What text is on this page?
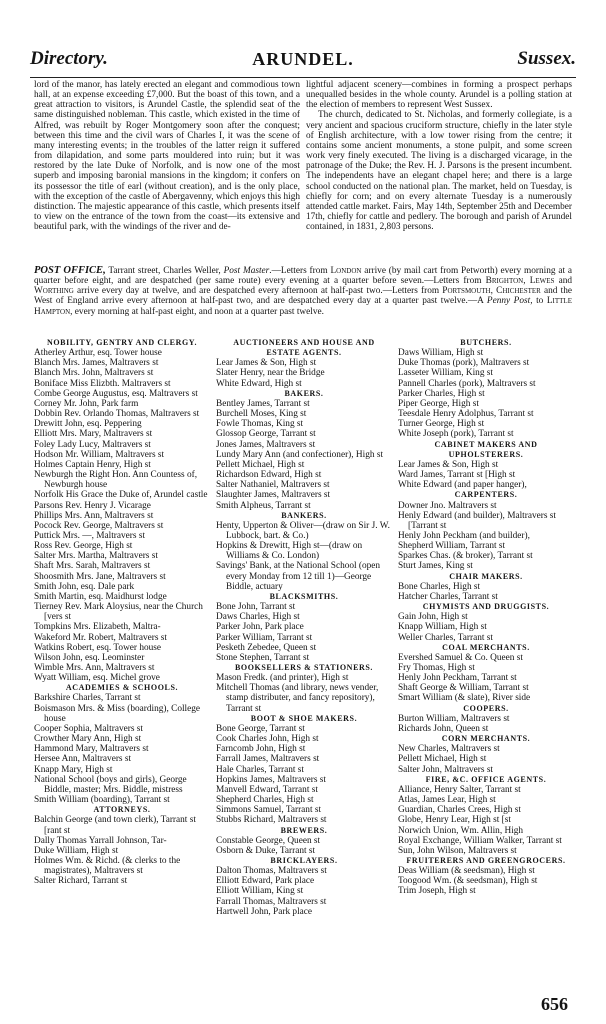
Directory.	ARUNDEL.	Sussex.

lord of the manor, has lately erected an elegant and commodious town hall, at an expense exceeding £7,000. But the boast of this town, and a great attraction to visitors, is Arundel Castle, the splendid seat of the same distinguished nobleman. This castle, which existed in the time of Alfred, was rebuilt by Roger Montgomery soon after the conquest; between this time and the civil wars of Charles I, it was the scene of many interesting events; in the troubles of the latter reign it suffered from dilapidation, and some parts mouldered into ruin; but it was restored by the late Duke of Norfolk, and is now one of the most superb and imposing baronial mansions in the kingdom; it confers on its possessor the title of earl (without creation), and is the only place, with the exception of the castle of Abergavenny, which enjoys this high distinction. The majestic appearance of this castle, which presents itself to view on the entrance of the town from the coast—its extensive and beautiful park, with the windings of the river and de-

lightful adjacent scenery—combines in forming a prospect perhaps unequalled besides in the whole county. Arundel is a polling station at the election of members to represent West Sussex.

The church, dedicated to St. Nicholas, and formerly collegiate, is a very ancient and spacious cruciform structure, chiefly in the later style of English architecture, with a low tower rising from the centre; it contains some ancient monuments, a stone pulpit, and some screen work very finely executed. The living is a discharged vicarage, in the patronage of the Duke; the Rev. H. J. Parsons is the present incumbent. The independents have an elegant chapel here; and there is a large school conducted on the national plan. The market, held on Tuesday, is chiefly for corn; and on every alternate Tuesday is a numerously attended cattle market. Fairs, May 14th, September 25th and December 17th, chiefly for cattle and pedlery. The borough and parish of Arundel contained, in 1831, 2,803 persons.

POST OFFICE, Tarrant street, Charles Weller, Post Master.—Letters from London arrive (by mail cart from Petworth) every morning at a quarter before eight, and are despatched (per same route) every evening at a quarter before seven.—Letters from Brighton, Lewes and Worthing arrive every day at twelve, and are despatched every afternoon at half-past two.—Letters from Portsmouth, Chichester and the West of England arrive every afternoon at half-past two, and are despatched every day at a quarter past twelve.—A Penny Post, to Little Hampton, every morning at half-past eight, and noon at a quarter past twelve.
NOBILITY, GENTRY AND CLERGY.
Atherley Arthur, esq. Tower house
Blanch Mrs. James, Maltravers st
Blanch Mrs. John, Maltravers st
Boniface Miss Elizbth. Maltravers st
Combe George Augustus, esq. Maltravers st
Corney Mr. John, Park farm
Dobbin Rev. Orlando Thomas, Maltravers st
Drewitt John, esq. Peppering
Elliott Mrs. Mary, Maltravers st
Foley Lady Lucy, Maltravers st
Hodson Mr. William, Maltravers st
Holmes Captain Henry, High st
Newburgh the Right Hon. Ann Countess of, Newburgh house
Norfolk His Grace the Duke of, Arundel castle
Parsons Rev. Henry J. Vicarage
Phillips Mrs. Ann, Maltravers st
Pocock Rev. George, Maltravers st
Puttick Mrs. —, Maltravers st
Ross Rev. George, High st
Salter Mrs. Martha, Maltravers st
Shaft Mrs. Sarah, Maltravers st
Shoosmith Mrs. Jane, Maltravers st
Smith John, esq. Dale park
Smith Martin, esq. Maidhurst lodge
Tierney Rev. Mark Aloysius, near the Church [vers st
Tompkins Mrs. Elizabeth, Maltra-
Wakeford Mr. Robert, Maltravers st
Watkins Robert, esq. Tower house
Wilson John, esq. Leominster
Wimble Mrs. Ann, Maltravers st
Wyatt William, esq. Michel grove
ACADEMIES & SCHOOLS.
Barkshire Charles, Tarrant st
Boismason Mrs. & Miss (boarding), College house
Cooper Sophia, Maltravers st
Crowther Mary Ann, High st
Hammond Mary, Maltravers st
Hersee Ann, Maltravers st
Knapp Mary, High st
National School (boys and girls), George Biddle, master; Mrs. Biddle, mistress
Smith William (boarding), Tarrant st
ATTORNEYS.
Balchin George (and town clerk), Tarrant st [rant st
Dally Thomas Yarrall Johnson, Tar-
Duke William, High st
Holmes Wm. & Richd. (& clerks to the magistrates), Maltravers st
Salter Richard, Tarrant st
AUCTIONEERS AND HOUSE AND ESTATE AGENTS.
Lear James & Son, High st
Slater Henry, near the Bridge
White Edward, High st
BAKERS.
Bentley James, Tarrant st
Burchell Moses, King st
Fowle Thomas, King st
Glossop George, Tarrant st
Jones James, Maltravers st
Lundy Mary Ann (and confectioner), High st
Pellett Michael, High st
Richardson Edward, High st
Salter Nathaniel, Maltravers st
Slaughter James, Maltravers st
Smith Alpheus, Tarrant st
BANKERS.
Henty, Upperton & Oliver—(draw on Sir J. W. Lubbock, bart. & Co.)
Hopkins & Drewitt, High st—(draw on Williams & Co. London)
Savings' Bank, at the National School (open every Monday from 12 till 1)—George Biddle, actuary
BLACKSMITHS.
Bone John, Tarrant st
Daws Charles, High st
Parker John, Park place
Parker William, Tarrant st
Pesketh Zebedee, Queen st
Stone Stephen, Tarrant st
BOOKSELLERS & STATIONERS.
Mason Fredk. (and printer), High st
Mitchell Thomas (and library, news vender, stamp distributer, and fancy repository), Tarrant st
BOOT & SHOE MAKERS.
Bone George, Tarrant st
Cook Charles John, High st
Farncomb John, High st
Farrall James, Maltravers st
Hale Charles, Tarrant st
Hopkins James, Maltravers st
Manvell Edward, Tarrant st
Shepherd Charles, High st
Simmons Samuel, Tarrant st
Stubbs Richard, Maltravers st
BREWERS.
Constable George, Queen st
Osborn & Duke, Tarrant st
BRICKLAYERS.
Dalton Thomas, Maltravers st
Elliott Edward, Park place
Elliott William, King st
Farrall Thomas, Maltravers st
Hartwell John, Park place
BUTCHERS.
Daws William, High st
Duke Thomas (pork), Maltravers st
Lasseter William, King st
Pannell Charles (pork), Maltravers st
Parker Charles, High st
Piper George, High st
Teesdale Henry Adolphus, Tarrant st
Turner George, High st
White Joseph (pork), Tarrant st
CABINET MAKERS AND UPHOLSTERERS.
Lear James & Son, High st
Ward James, Tarrant st [High st
White Edward (and paper hanger),
CARPENTERS.
Downer Jno. Maltravers st
Henly Edward (and builder), Maltravers st [Tarrant st
Henly John Peckham (and builder),
Shepherd William, Tarrant st
Sparkes Chas. (& broker), Tarrant st
Sturt James, King st
CHAIR MAKERS.
Bone Charles, High st
Hatcher Charles, Tarrant st
CHYMISTS AND DRUGGISTS.
Gain John, High st
Knapp William, High st
Weller Charles, Tarrant st
COAL MERCHANTS.
Evershed Samuel & Co. Queen st
Fry Thomas, High st
Henly John Peckham, Tarrant st
Shaft George & William, Tarrant st
Smart William (& slate), River side
COOPERS.
Burton William, Maltravers st
Richards John, Queen st
CORN MERCHANTS.
New Charles, Maltravers st
Pellett Michael, High st
Salter John, Maltravers st
FIRE, &C. OFFICE AGENTS.
Alliance, Henry Salter, Tarrant st
Atlas, James Lear, High st
Guardian, Charles Crees, High st
Globe, Henry Lear, High st [st
Norwich Union, Wm. Allin, High
Royal Exchange, William Walker, Tarrant st
Sun, John Wilson, Maltravers st
FRUITERERS AND GREENGROCERS.
Deas William (& seedsman), High st
Toogood Wm. (& seedsman), High st
Trim Joseph, High st
656
